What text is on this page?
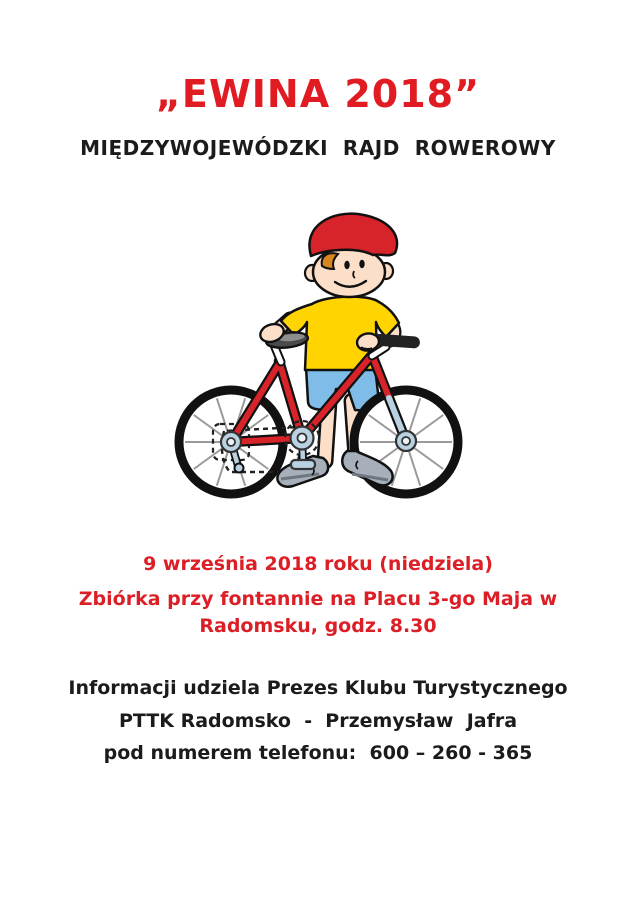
„EWINA 2018”
MIĘDZYWOJEWÓDZKI  RAJD  ROWEROWY
9 września 2018 roku (niedziela)
Zbiórka przy fontannie na Placu 3-go Maja w
Radomsku, godz. 8.30
Informacji udziela Prezes Klubu Turystycznego
PTTK Radomsko  -  Przemysław  Jafra
pod numerem telefonu:  600 – 260 - 365
